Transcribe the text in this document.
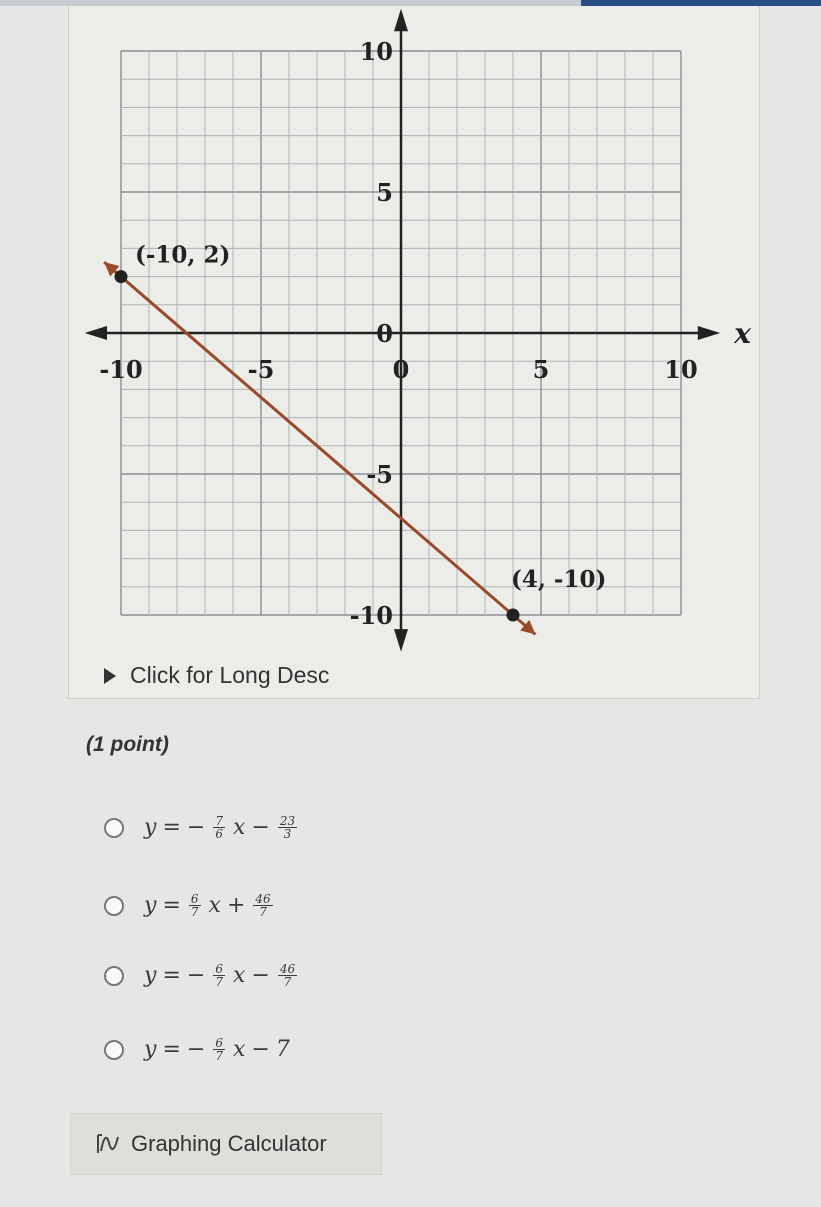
x
-10	-5	0	5	10
10
5
0
-5
-10
(-10, 2)
(4, -10)
Click for Long Desc
(1 point)
y = − $\frac{7}{6}$ $x - \frac{23}{3}$
$y = \frac{6}{7}$ $x + \frac{46}{7}$
y = − $\frac{6}{7}$ $x - \frac{46}{7}$
y = − $\frac{6}{7}$ x − 7
Graphing Calculator
